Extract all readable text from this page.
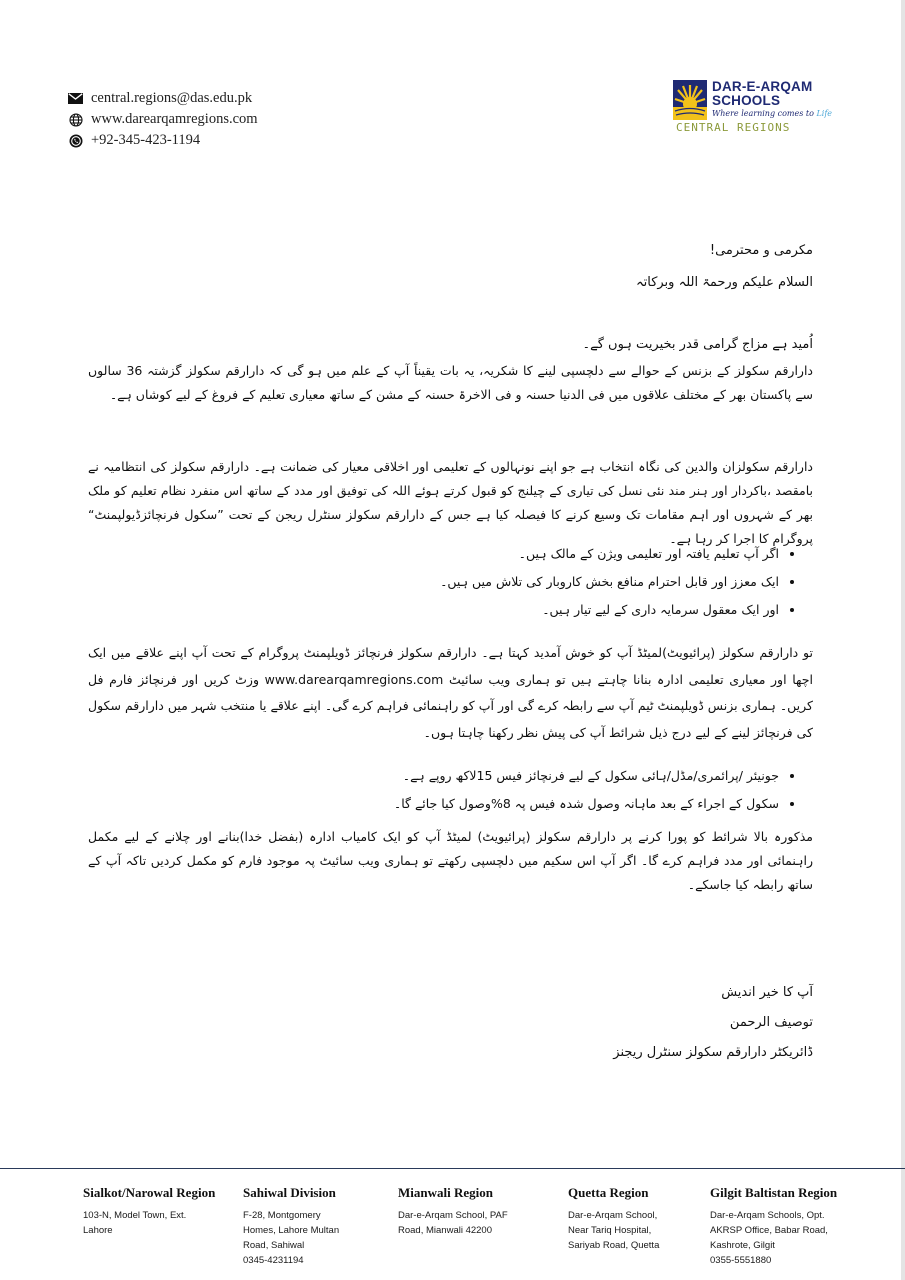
central.regions@das.edu.pk
www.darearqamregions.com
+92-345-423-1194
DAR-E-ARQAM
SCHOOLS
Where learning comes to Life
CENTRAL REGIONS
مکرمی و محترمی!
السلام علیکم ورحمۃ اللہ وبرکاتہ
اُمید ہے مزاج گرامی قدر بخیریت ہوں گے۔

دارارقم سکولز کے بزنس کے حوالے سے دلچسپی لینے کا شکریہ، یہ بات یقیناً آپ کے علم میں ہو گی کہ دارارقم سکولز گزشتہ 36 سالوں سے پاکستان بھر کے مختلف علاقوں میں فی الدنیا حسنہ و فی الاخرۃ حسنہ کے مشن کے ساتھ معیاری تعلیم کے فروغ کے لیے کوشاں ہے۔

دارارقم سکولزان والدین کی نگاہ انتخاب ہے جو اپنے نونہالوں کے تعلیمی اور اخلاقی معیار کی ضمانت ہے۔ دارارقم سکولز کی انتظامیہ نے بامقصد ،باکردار اور ہنر مند نئی نسل کی تیاری کے چیلنج کو قبول کرتے ہوئے اللہ کی توفیق اور مدد کے ساتھ اس منفرد نظام تعلیم کو ملک بھر کے شہروں اور اہم مقامات تک وسیع کرنے کا فیصلہ کیا ہے جس کے دارارقم سکولز سنٹرل ریجن کے تحت ”سکول فرنچائزڈیولپمنٹ“ پروگرام کا اجرا کر رہا ہے۔

• اگر آپ تعلیم یافتہ اور تعلیمی ویژن کے مالک ہیں۔
• ایک معزز اور قابل احترام منافع بخش کاروبار کی تلاش میں ہیں۔
• اور ایک معقول سرمایہ داری کے لیے تیار ہیں۔

تو دارارقم سکولز (پرائیویٹ)لمیٹڈ آپ کو خوش آمدید کہتا ہے۔ دارارقم سکولز فرنچائز ڈویلپمنٹ پروگرام کے تحت آپ اپنے علاقے میں ایک اچھا اور معیاری تعلیمی ادارہ بنانا چاہتے ہیں تو ہماری ویب سائیٹ www.darearqamregions.com وزٹ کریں اور فرنچائز فارم فل کریں۔ ہماری بزنس ڈویلپمنٹ ٹیم آپ سے رابطہ کرے گی اور آپ کو راہنمائی فراہم کرے گی۔ اپنے علاقے یا منتخب شہر میں دارارقم سکول کی فرنچائز لینے کے لیے درج ذیل شرائط آپ کی پیش نظر رکھنا چاہتا ہوں۔

• جونیئر /پرائمری/مڈل/ہائی سکول کے لیے فرنچائز فیس 15لاکھ روپے ہے۔
• سکول کے اجراء کے بعد ماہانہ وصول شدہ فیس پہ 8%وصول کیا جائے گا۔

مذکورہ بالا شرائط کو پورا کرنے پر دارارقم سکولز (پرائیویٹ) لمیٹڈ آپ کو ایک کامیاب ادارہ (بفضل خدا)بنانے اور چلانے کے لیے مکمل راہنمائی اور مدد فراہم کرے گا۔ اگر آپ اس سکیم میں دلچسپی رکھتے تو ہماری ویب سائیٹ پہ موجود فارم کو مکمل کردیں تاکہ آپ کے ساتھ رابطہ کیا جاسکے۔

آپ کا خیر اندیش
توصیف الرحمن
ڈائریکٹر دارارقم سکولز سنٹرل ریجنز
Sialkot/Narowal Region
103-N, Model Town, Ext.
Lahore
Sahiwal Division
F-28, Montgomery
Homes, Lahore Multan
Road, Sahiwal
0345-4231194
Mianwali Region
Dar-e-Arqam School, PAF
Road, Mianwali 42200
Quetta Region
Dar-e-Arqam School,
Near Tariq Hospital,
Sariyab Road, Quetta
Gilgit Baltistan Region
Dar-e-Arqam Schools, Opt.
AKRSP Office, Babar Road,
Kashrote, Gilgit
0355-5551880
